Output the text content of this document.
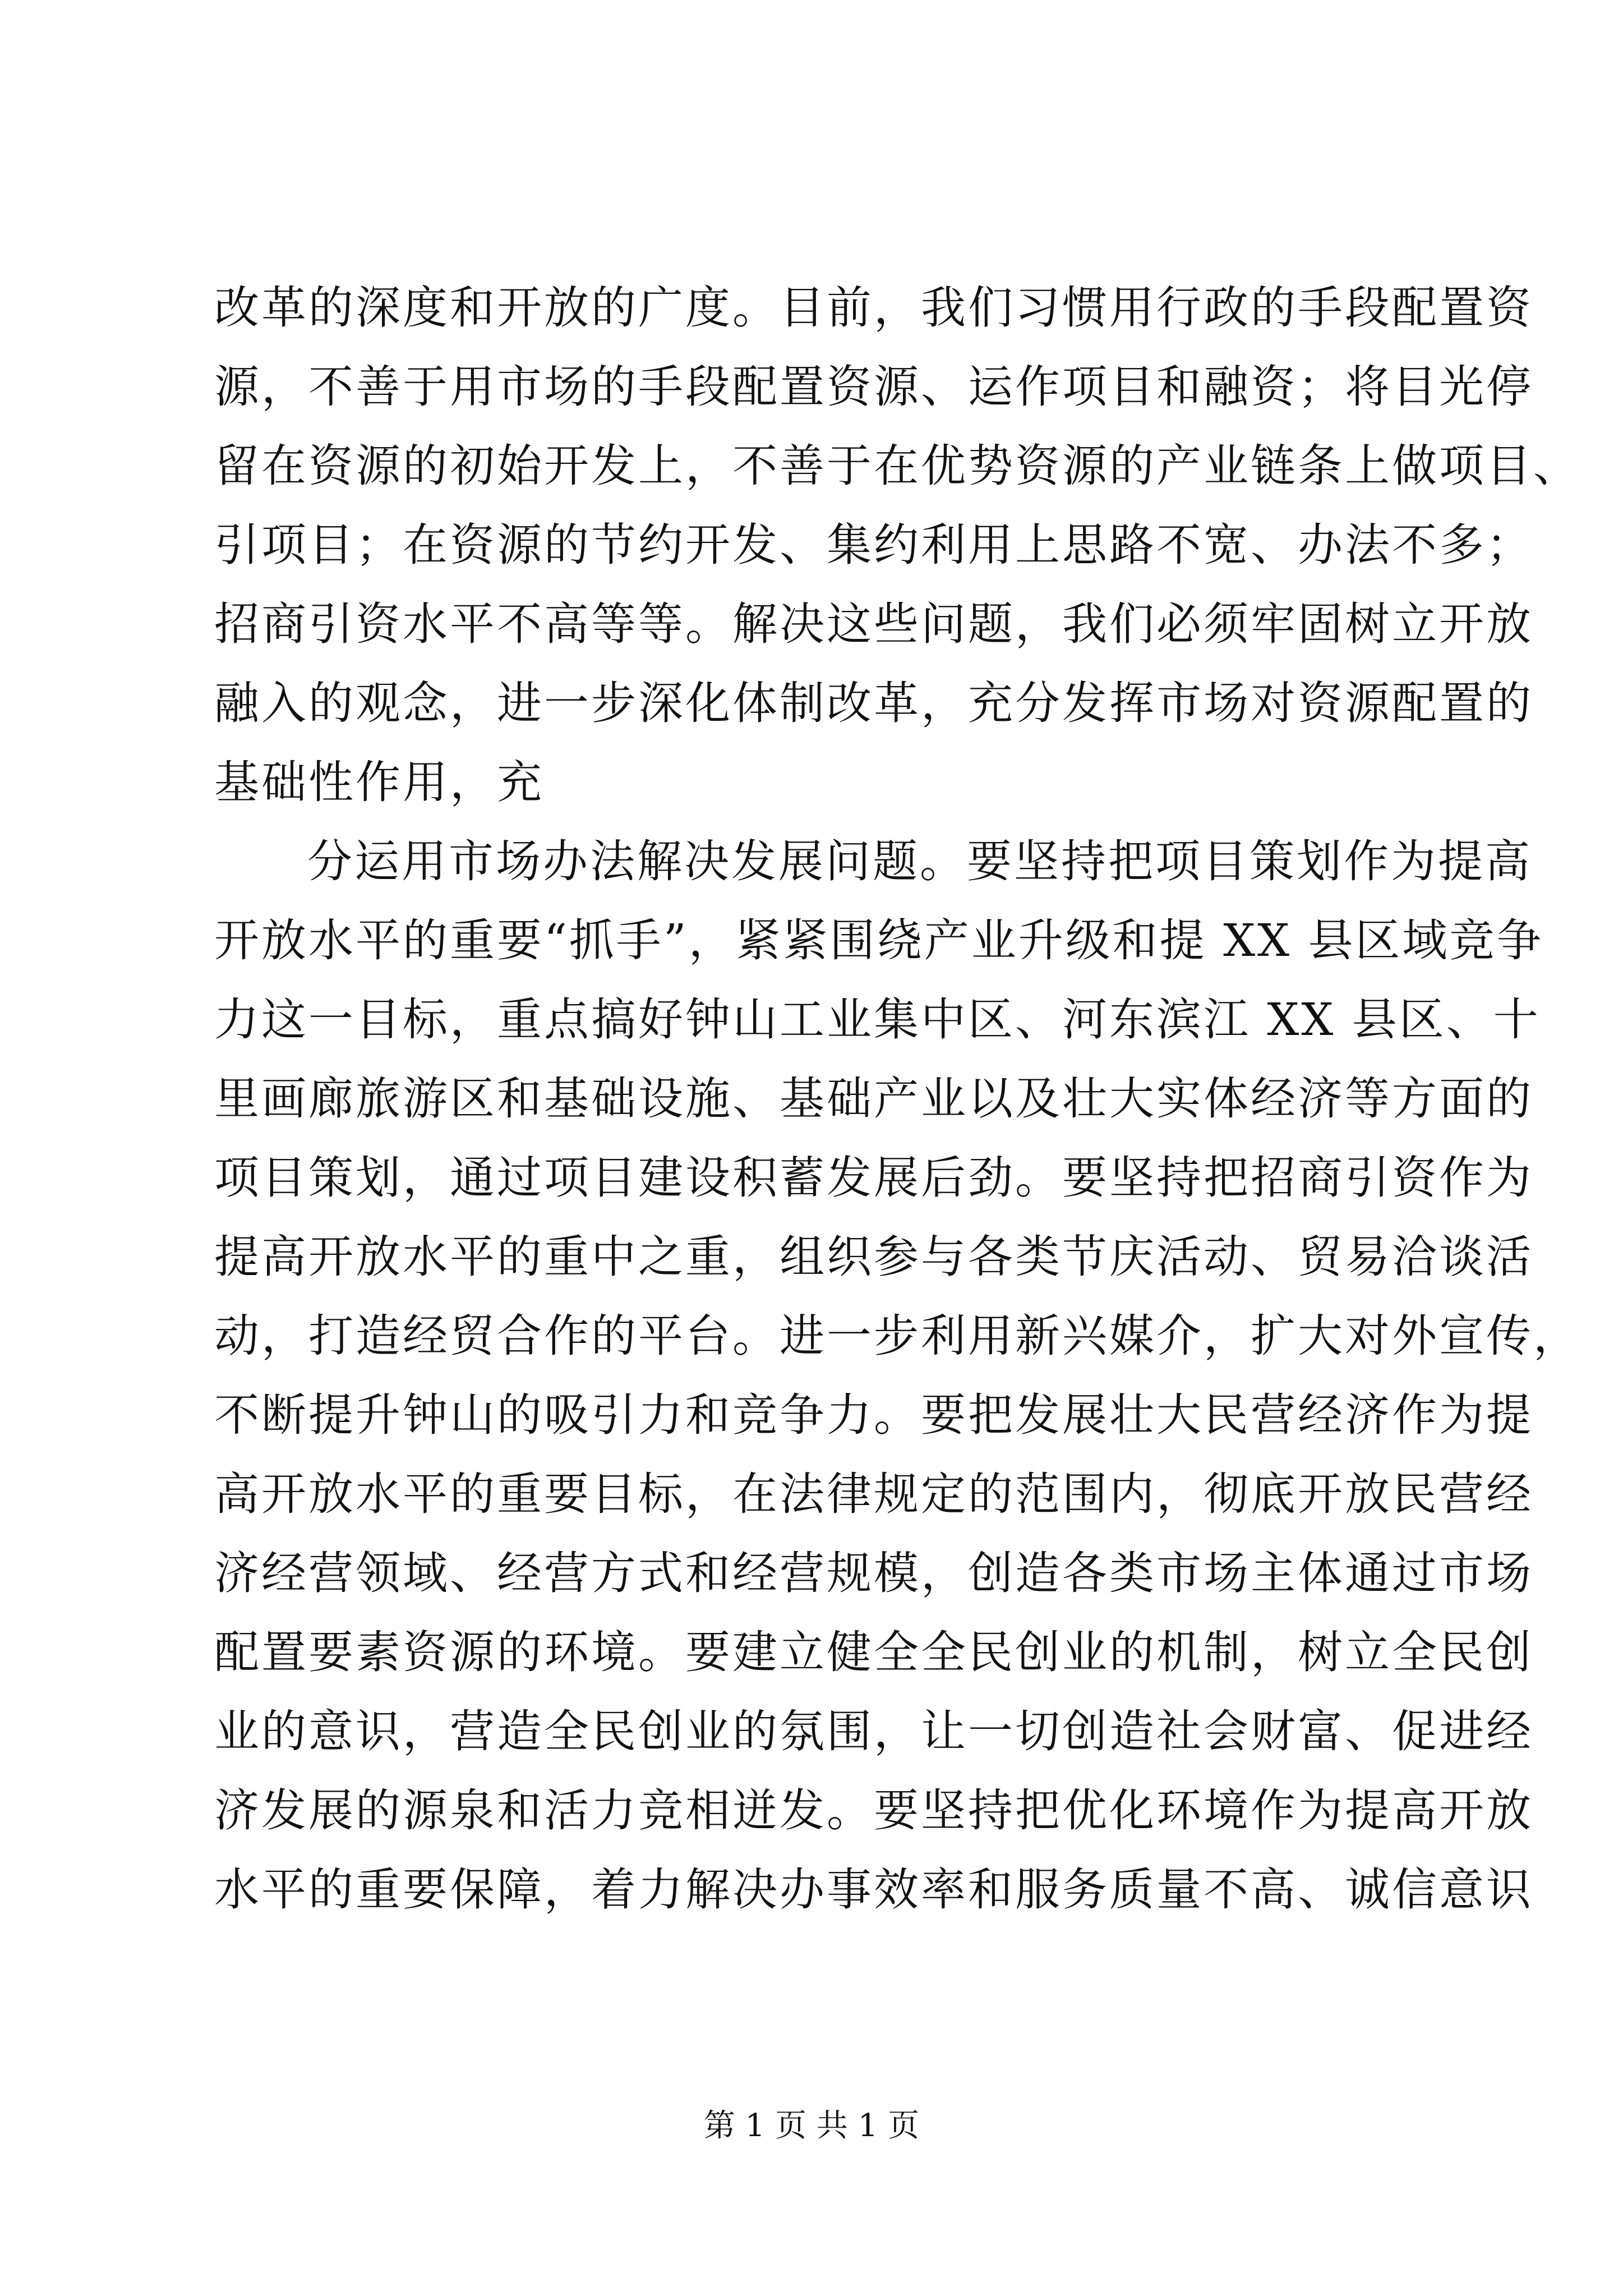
改革的深度和开放的广度。目前，我们习惯用行政的手段配置资
源，不善于用市场的手段配置资源、运作项目和融资；将目光停
留在资源的初始开发上，不善于在优势资源的产业链条上做项目、
引项目；在资源的节约开发、集约利用上思路不宽、办法不多；
招商引资水平不高等等。解决这些问题，我们必须牢固树立开放
融入的观念，进一步深化体制改革，充分发挥市场对资源配置的
基础性作用，充
分运用市场办法解决发展问题。要坚持把项目策划作为提高
开放水平的重要“抓手”，紧紧围绕产业升级和提 XX 县区域竞争
力这一目标，重点搞好钟山工业集中区、河东滨江 XX 县区、十
里画廊旅游区和基础设施、基础产业以及壮大实体经济等方面的
项目策划，通过项目建设积蓄发展后劲。要坚持把招商引资作为
提高开放水平的重中之重，组织参与各类节庆活动、贸易洽谈活
动，打造经贸合作的平台。进一步利用新兴媒介，扩大对外宣传，
不断提升钟山的吸引力和竞争力。要把发展壮大民营经济作为提
高开放水平的重要目标，在法律规定的范围内，彻底开放民营经
济经营领域、经营方式和经营规模，创造各类市场主体通过市场
配置要素资源的环境。要建立健全全民创业的机制，树立全民创
业的意识，营造全民创业的氛围，让一切创造社会财富、促进经
济发展的源泉和活力竞相迸发。要坚持把优化环境作为提高开放
水平的重要保障，着力解决办事效率和服务质量不高、诚信意识
第 1 页 共 1 页
